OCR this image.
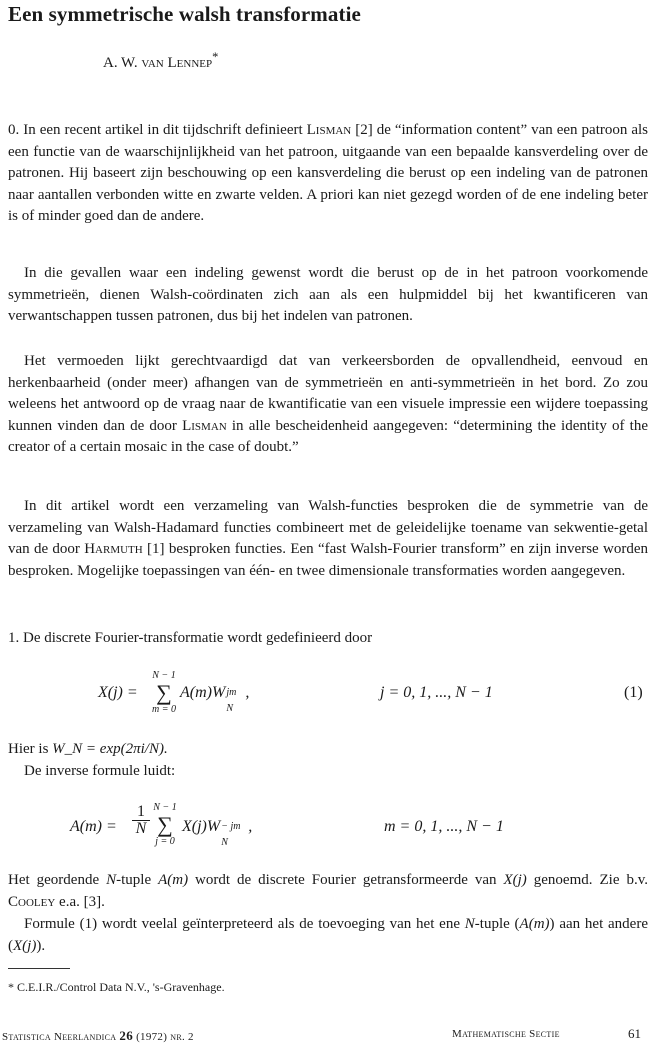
Een symmetrische walsh transformatie
A. W. van Lennep*

0. In een recent artikel in dit tijdschrift definieert Lisman [2] de “information content” van een patroon als een functie van de waarschijnlijkheid van het patroon, uitgaande van een bepaalde kansverdeling over de patronen. Hij baseert zijn beschouwing op een kansverdeling die berust op een indeling van de patronen naar aantallen verbonden witte en zwarte velden. A priori kan niet gezegd worden of de ene indeling beter is of minder goed dan de andere.

In die gevallen waar een indeling gewenst wordt die berust op de in het patroon voorkomende symmetrieën, dienen Walsh-coördinaten zich aan als een hulpmiddel bij het kwantificeren van verwantschappen tussen patronen, dus bij het indelen van patronen.

Het vermoeden lijkt gerechtvaardigd dat van verkeersborden de opvallendheid, eenvoud en herkenbaarheid (onder meer) afhangen van de symmetrieën en anti-symmetrieën in het bord. Zo zou weleens het antwoord op de vraag naar de kwantificatie van een visuele impressie een wijdere toepassing kunnen vinden dan de door Lisman in alle bescheidenheid aangegeven: “determining the identity of the creator of a certain mosaic in the case of doubt.”

In dit artikel wordt een verzameling van Walsh-functies besproken die de symmetrie van de verzameling van Walsh-Hadamard functies combineert met de geleidelijke toename van sekwentie-getal van de door Harmuth [1] besproken functies. Een “fast Walsh-Fourier transform” en zijn inverse worden besproken. Mogelijke toepassingen van één- en twee dimensionale transformaties worden aangegeven.

1. De discrete Fourier-transformatie wordt gedefinieerd door

X(j) =
N − 1
∑
m = 0
A(m)W jm
N
,	j = 0, 1, ..., N − 1	(1)

Hier is W_N = exp(2πi/N).

De inverse formule luidt:

$A(m) = \frac{1}{N}$ N − 1
∑
j = 0
X(j)W − jm
N
,	m = 0, 1, ..., N − 1

Het geordende N-tuple A(m) wordt de discrete Fourier getransformeerde van X(j) genoemd. Zie b.v. Cooley e.a. [3].

Formule (1) wordt veelal geïnterpreteerd als de toevoeging van het ene N-tuple (A(m)) aan het andere (X(j)).

* C.E.I.R./Control Data N.V., 's-Gravenhage.
Statistica Neerlandica 26 (1972) nr. 2	Mathematische Sectie	61
